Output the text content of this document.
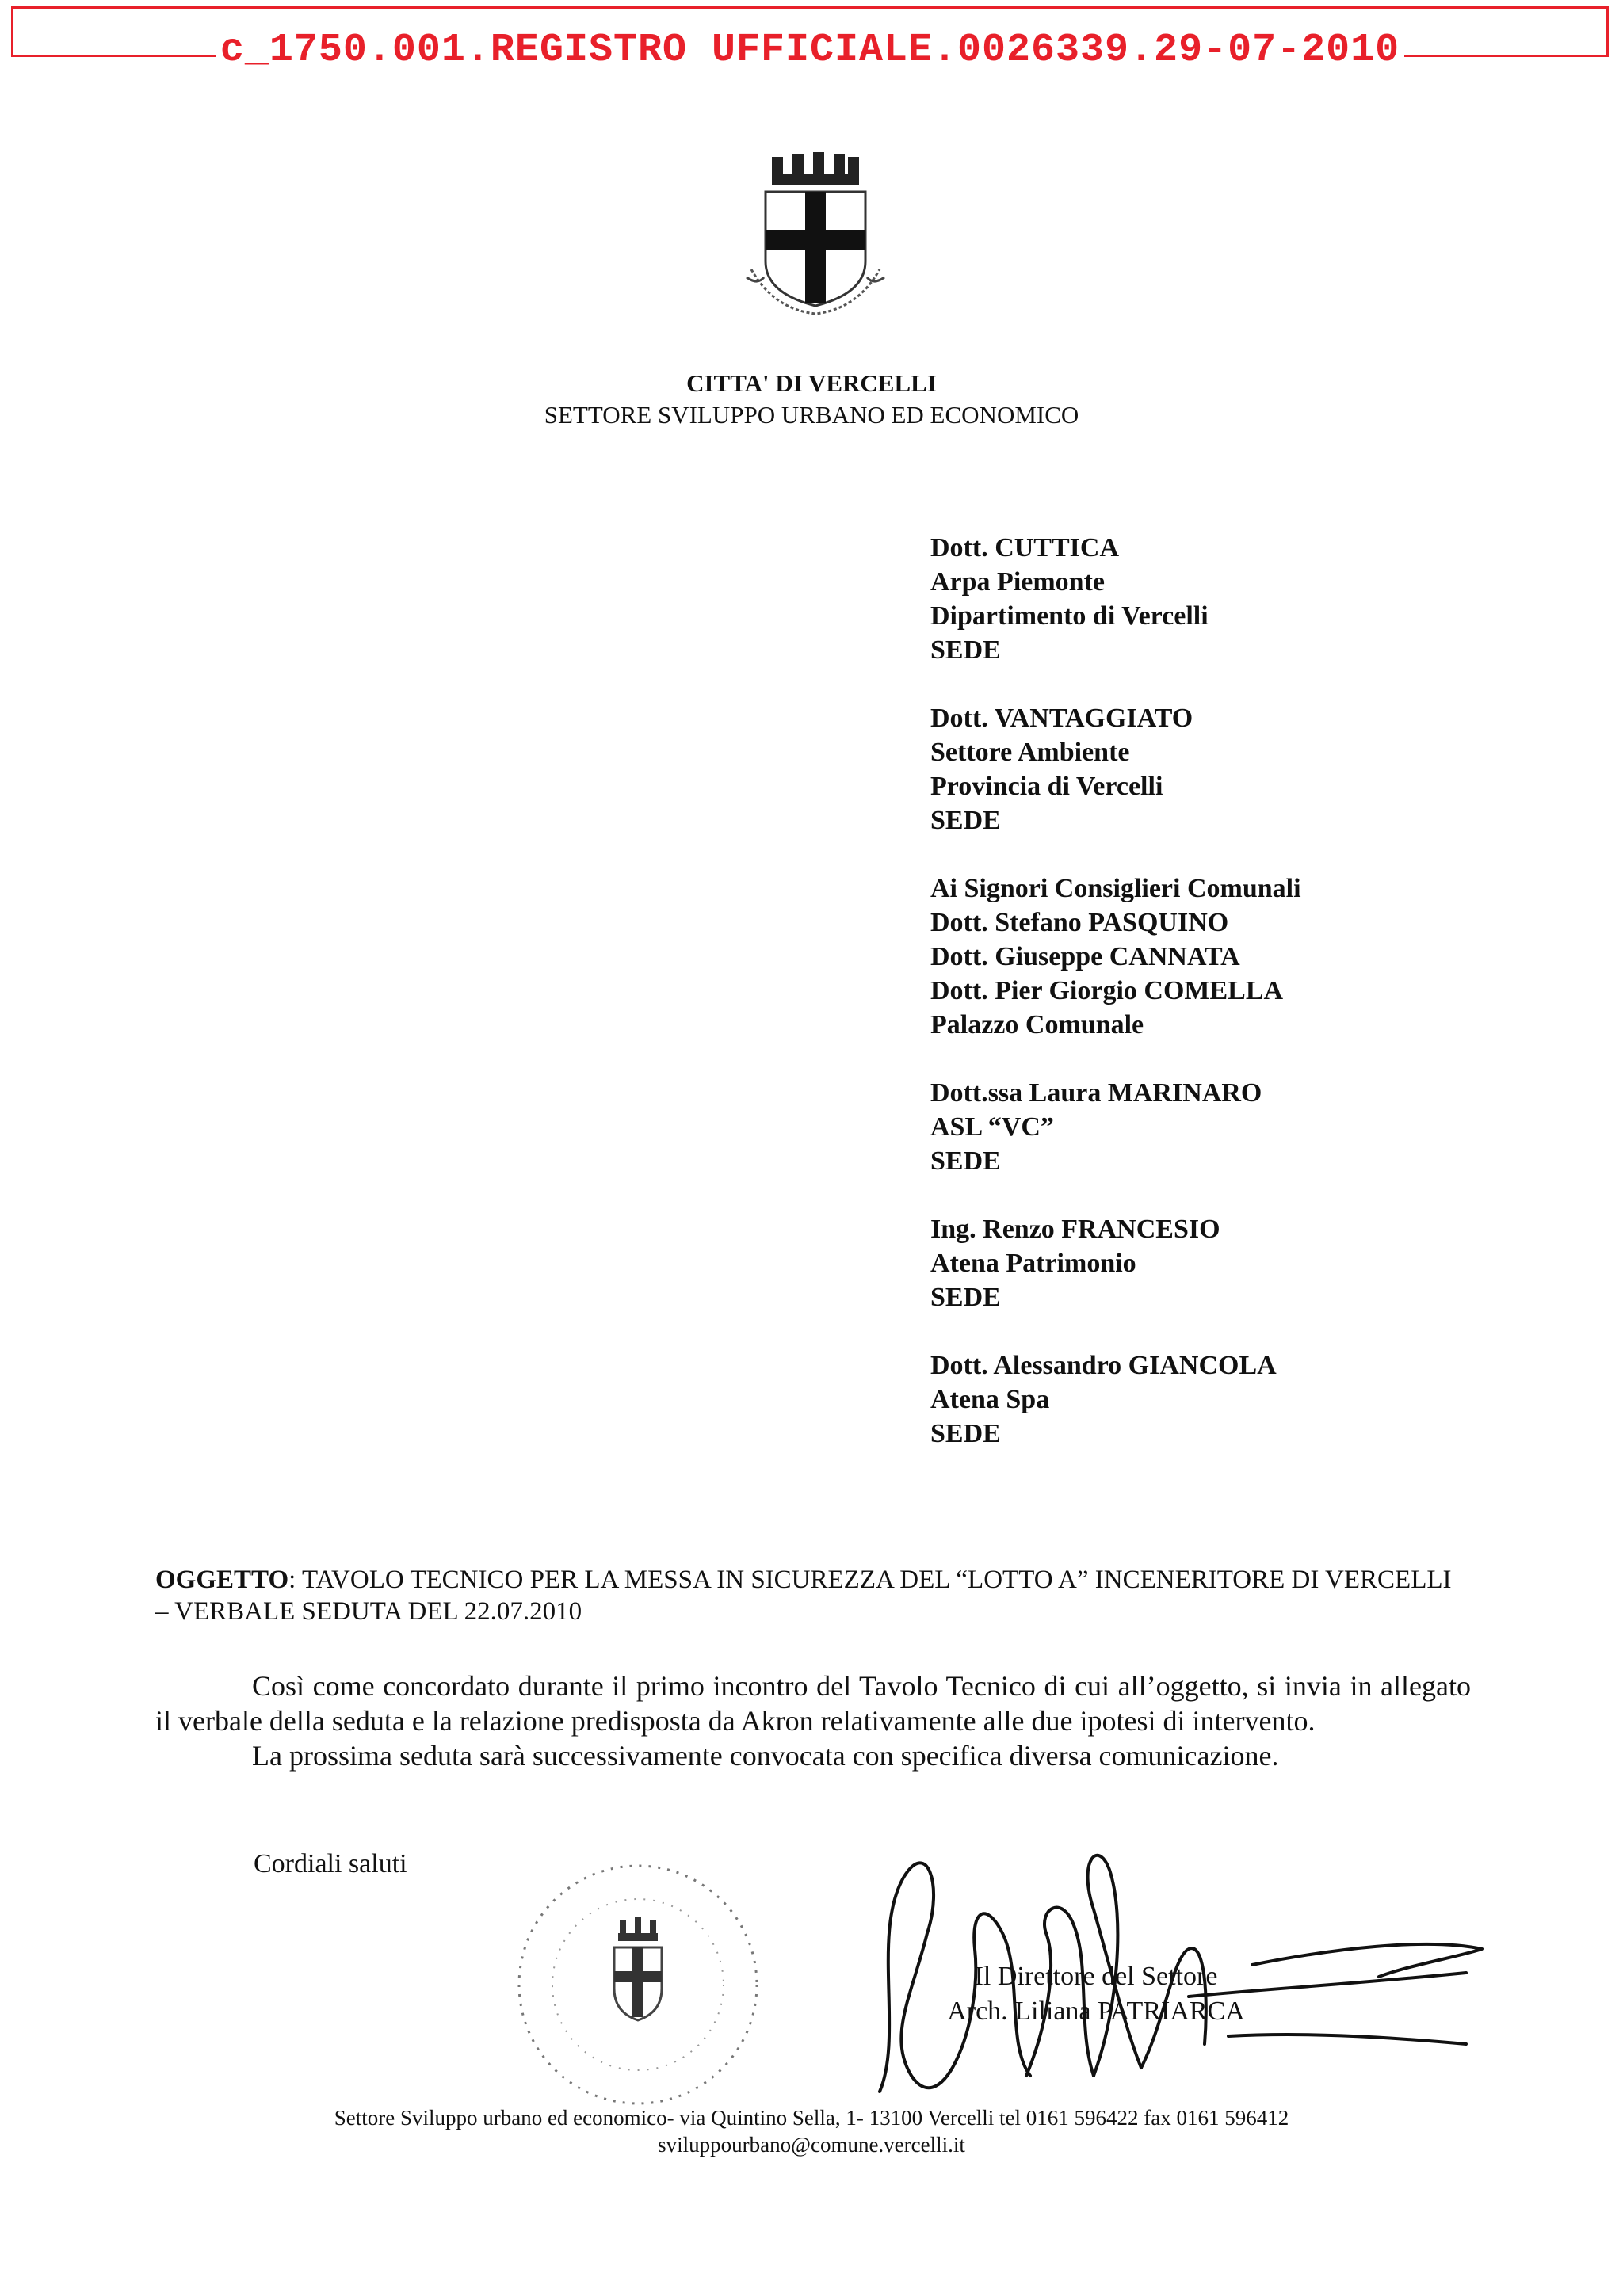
c_1750.001.REGISTRO UFFICIALE.0026339.29-07-2010
CITTA' DI VERCELLI
SETTORE SVILUPPO URBANO ED ECONOMICO
Dott. CUTTICA
Arpa Piemonte
Dipartimento di Vercelli
SEDE
Dott. VANTAGGIATO
Settore Ambiente
Provincia di Vercelli
SEDE
Ai Signori Consiglieri Comunali
Dott. Stefano PASQUINO
Dott. Giuseppe CANNATA
Dott. Pier Giorgio COMELLA
Palazzo Comunale
Dott.ssa Laura MARINARO
ASL “VC”
SEDE
Ing. Renzo FRANCESIO
Atena Patrimonio
SEDE
Dott. Alessandro GIANCOLA
Atena Spa
SEDE
OGGETTO: TAVOLO TECNICO PER LA MESSA IN SICUREZZA DEL “LOTTO A” INCENERITORE DI VERCELLI – VERBALE SEDUTA DEL 22.07.2010

Così come concordato durante il primo incontro del Tavolo Tecnico di cui all’oggetto, si invia in allegato il verbale della seduta e la relazione predisposta da Akron relativamente alle due ipotesi di intervento.

La prossima seduta sarà successivamente convocata con specifica diversa comunicazione.

Cordiali saluti
Il Direttore del Settore
Arch. Liliana PATRIARCA
Settore Sviluppo urbano ed economico- via Quintino Sella, 1- 13100 Vercelli tel 0161 596422 fax 0161 596412
sviluppourbano@comune.vercelli.it
